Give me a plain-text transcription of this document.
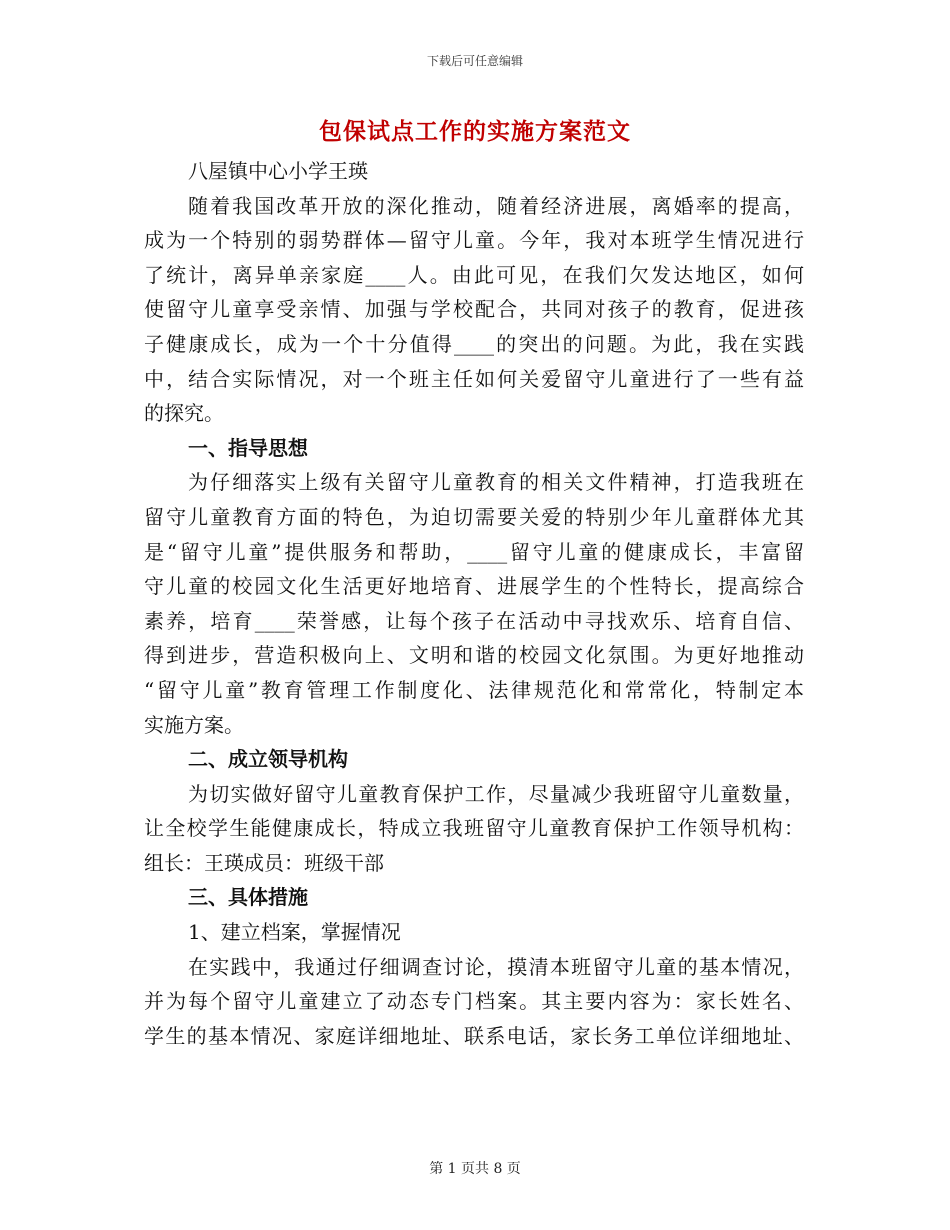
下载后可任意编辑
包保试点工作的实施方案范文
八屋镇中心小学王瑛
随着我国改革开放的深化推动，随着经济进展，离婚率的提高，
成为一个特别的弱势群体—留守儿童。今年，我对本班学生情况进行
了统计，离异单亲家庭____人。由此可见，在我们欠发达地区，如何
使留守儿童享受亲情、加强与学校配合，共同对孩子的教育，促进孩
子健康成长，成为一个十分值得____的突出的问题。为此，我在实践
中，结合实际情况，对一个班主任如何关爱留守儿童进行了一些有益
的探究。
一、指导思想
为仔细落实上级有关留守儿童教育的相关文件精神，打造我班在
留守儿童教育方面的特色，为迫切需要关爱的特别少年儿童群体尤其
是“留守儿童”提供服务和帮助，____留守儿童的健康成长，丰富留
守儿童的校园文化生活更好地培育、进展学生的个性特长，提高综合
素养，培育____荣誉感，让每个孩子在活动中寻找欢乐、培育自信、
得到进步，营造积极向上、文明和谐的校园文化氛围。为更好地推动
“留守儿童”教育管理工作制度化、法律规范化和常常化，特制定本
实施方案。
二、成立领导机构
为切实做好留守儿童教育保护工作，尽量减少我班留守儿童数量，
让全校学生能健康成长，特成立我班留守儿童教育保护工作领导机构：
组长：王瑛成员：班级干部
三、具体措施
1、建立档案，掌握情况
在实践中，我通过仔细调查讨论，摸清本班留守儿童的基本情况，
并为每个留守儿童建立了动态专门档案。其主要内容为：家长姓名、
学生的基本情况、家庭详细地址、联系电话，家长务工单位详细地址、
第 1 页共 8 页
